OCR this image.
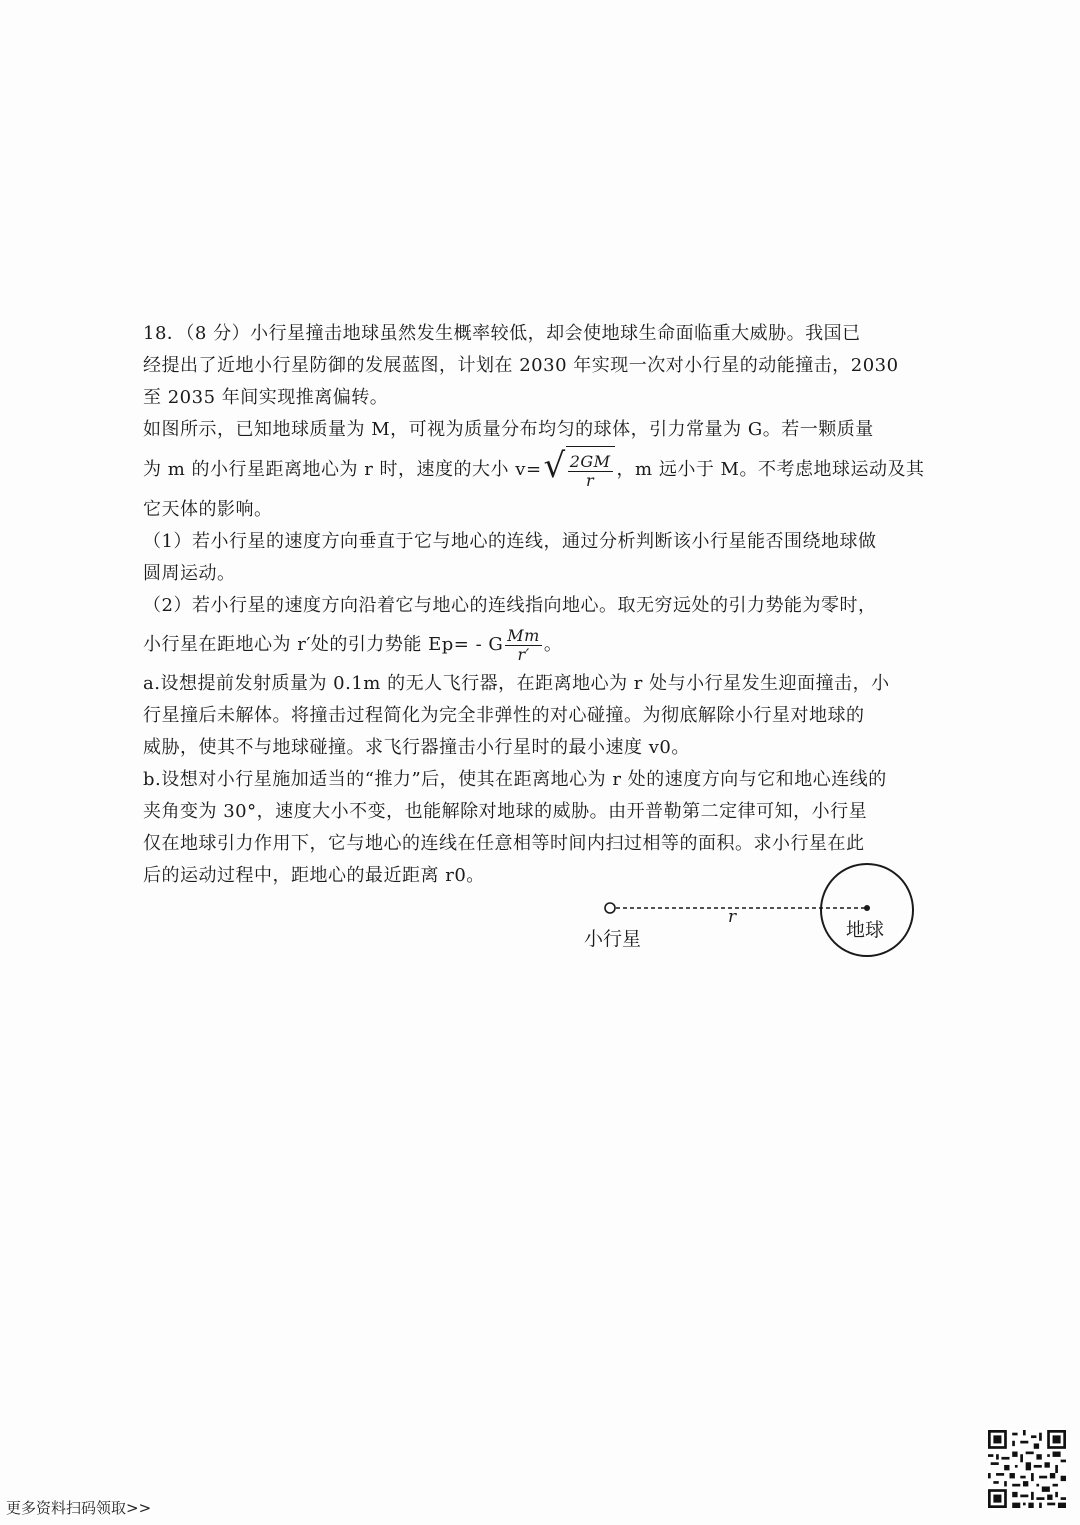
18．（8 分）小行星撞击地球虽然发生概率较低，却会使地球生命面临重大威胁。我国已

经提出了近地小行星防御的发展蓝图，计划在 2030 年实现一次对小行星的动能撞击，2030

至 2035 年间实现推离偏转。

如图所示，已知地球质量为 M，可视为质量分布均匀的球体，引力常量为 G。若一颗质量

为 m 的小行星距离地心为 r 时，速度的大小 v= √ $\frac{2GM}{r}$ ，m 远小于 M。不考虑地球运动及其

它天体的影响。

（1）若小行星的速度方向垂直于它与地心的连线，通过分析判断该小行星能否围绕地球做

圆周运动。

（2）若小行星的速度方向沿着它与地心的连线指向地心。取无穷远处的引力势能为零时，

小行星在距地心为 r′处的引力势能 Ep= - G $\frac{Mm}{r'}$ 。

a.设想提前发射质量为 0.1m 的无人飞行器，在距离地心为 r 处与小行星发生迎面撞击，小

行星撞后未解体。将撞击过程简化为完全非弹性的对心碰撞。为彻底解除小行星对地球的

威胁，使其不与地球碰撞。求飞行器撞击小行星时的最小速度 v0。

b.设想对小行星施加适当的“推力”后，使其在距离地心为 r 处的速度方向与它和地心连线的

夹角变为 30°，速度大小不变，也能解除对地球的威胁。由开普勒第二定律可知，小行星

仅在地球引力作用下，它与地心的连线在任意相等时间内扫过相等的面积。求小行星在此

后的运动过程中，距地心的最近距离 r0。

r
小行星	地球
更多资料扫码领取>>
